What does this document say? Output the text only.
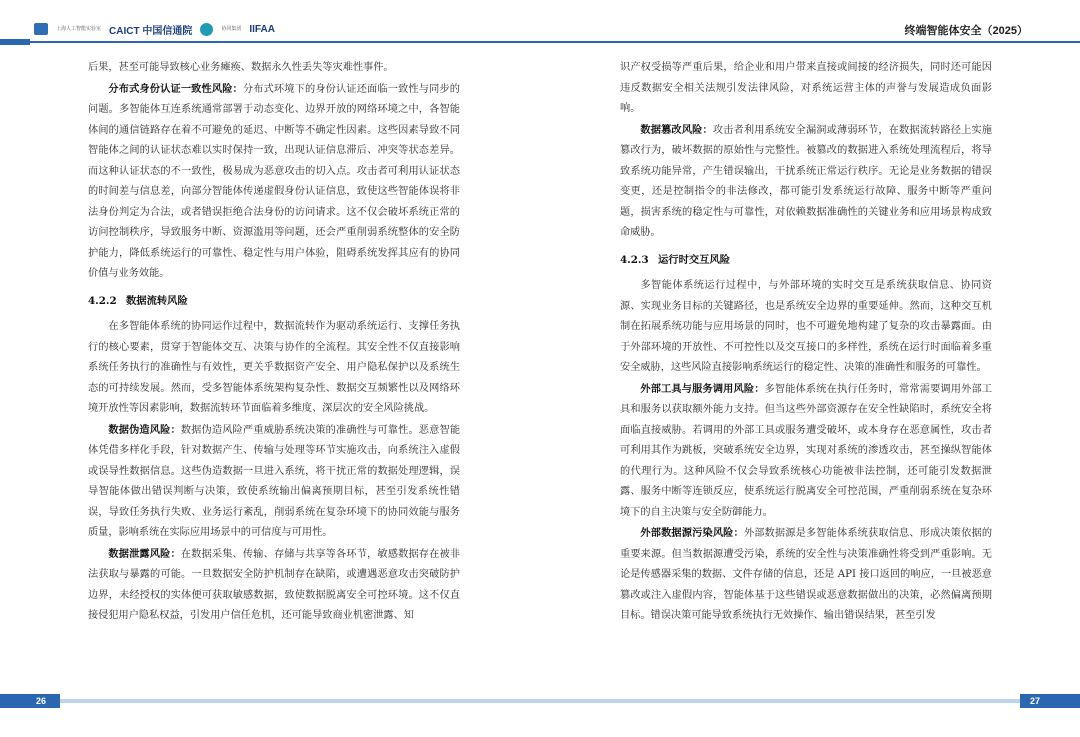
上海人工智能实验室 CAICT 中国信通院	协同集团 IIFAA	终端智能体安全（2025）

后果，甚至可能导致核心业务瘫痪、数据永久性丢失等灾难性事件。

分布式身份认证一致性风险：分布式环境下的身份认证还面临一致性与同步的问题。多智能体互连系统通常部署于动态变化、边界开放的网络环境之中，各智能体间的通信链路存在着不可避免的延迟、中断等不确定性因素。这些因素导致不同智能体之间的认证状态难以实时保持一致，出现认证信息滞后、冲突等状态差异。而这种认证状态的不一致性，极易成为恶意攻击的切入点。攻击者可利用认证状态的时间差与信息差，向部分智能体传递虚假身份认证信息，致使这些智能体误将非法身份判定为合法，或者错误拒绝合法身份的访问请求。这不仅会破坏系统正常的访问控制秩序，导致服务中断、资源滥用等问题，还会严重削弱系统整体的安全防护能力，降低系统运行的可靠性、稳定性与用户体验，阻碍系统发挥其应有的协同价值与业务效能。

4.2.2 数据流转风险

在多智能体系统的协同运作过程中，数据流转作为驱动系统运行、支撑任务执行的核心要素，贯穿于智能体交互、决策与协作的全流程。其安全性不仅直接影响系统任务执行的准确性与有效性，更关乎数据资产安全、用户隐私保护以及系统生态的可持续发展。然而，受多智能体系统架构复杂性、数据交互频繁性以及网络环境开放性等因素影响，数据流转环节面临着多维度、深层次的安全风险挑战。

数据伪造风险：数据伪造风险严重威胁系统决策的准确性与可靠性。恶意智能体凭借多样化手段，针对数据产生、传输与处理等环节实施攻击，向系统注入虚假或误导性数据信息。这些伪造数据一旦进入系统，将干扰正常的数据处理逻辑，误导智能体做出错误判断与决策，致使系统输出偏离预期目标，甚至引发系统性错误，导致任务执行失败、业务运行紊乱，削弱系统在复杂环境下的协同效能与服务质量，影响系统在实际应用场景中的可信度与可用性。

数据泄露风险：在数据采集、传输、存储与共享等各环节，敏感数据存在被非法获取与暴露的可能。一旦数据安全防护机制存在缺陷，或遭遇恶意攻击突破防护边界，未经授权的实体便可获取敏感数据，致使数据脱离安全可控环境。这不仅直接侵犯用户隐私权益，引发用户信任危机，还可能导致商业机密泄露、知

识产权受损等严重后果，给企业和用户带来直接或间接的经济损失，同时还可能因违反数据安全相关法规引发法律风险，对系统运营主体的声誉与发展造成负面影响。

数据篡改风险：攻击者利用系统安全漏洞或薄弱环节，在数据流转路径上实施篡改行为，破坏数据的原始性与完整性。被篡改的数据进入系统处理流程后，将导致系统功能异常，产生错误输出，干扰系统正常运行秩序。无论是业务数据的错误变更，还是控制指令的非法修改，都可能引发系统运行故障、服务中断等严重问题，损害系统的稳定性与可靠性，对依赖数据准确性的关键业务和应用场景构成致命威胁。

4.2.3 运行时交互风险

多智能体系统运行过程中，与外部环境的实时交互是系统获取信息、协同资源、实现业务目标的关键路径，也是系统安全边界的重要延伸。然而，这种交互机制在拓展系统功能与应用场景的同时，也不可避免地构建了复杂的攻击暴露面。由于外部环境的开放性、不可控性以及交互接口的多样性，系统在运行时面临着多重安全威胁，这些风险直接影响系统运行的稳定性、决策的准确性和服务的可靠性。

外部工具与服务调用风险：多智能体系统在执行任务时，常常需要调用外部工具和服务以获取额外能力支持。但当这些外部资源存在安全性缺陷时，系统安全将面临直接威胁。若调用的外部工具或服务遭受破坏，或本身存在恶意属性，攻击者可利用其作为跳板，突破系统安全边界，实现对系统的渗透攻击，甚至操纵智能体的代理行为。这种风险不仅会导致系统核心功能被非法控制，还可能引发数据泄露、服务中断等连锁反应，使系统运行脱离安全可控范围，严重削弱系统在复杂环境下的自主决策与安全防御能力。

外部数据源污染风险：外部数据源是多智能体系统获取信息、形成决策依据的重要来源。但当数据源遭受污染，系统的安全性与决策准确性将受到严重影响。无论是传感器采集的数据、文件存储的信息，还是 API 接口返回的响应，一旦被恶意篡改或注入虚假内容，智能体基于这些错误或恶意数据做出的决策，必然偏离预期目标。错误决策可能导致系统执行无效操作、输出错误结果，甚至引发

26	27
